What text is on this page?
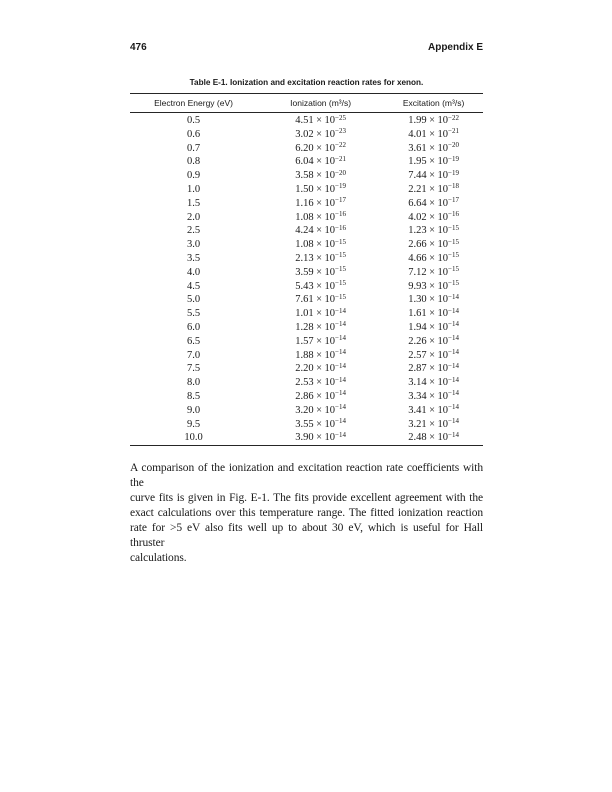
476	Appendix E
Table E-1. Ionization and excitation reaction rates for xenon.
Electron Energy (eV)	Ionization (m³/s)	Excitation (m³/s)
0.5	$4.51 \times 10^{-25}$	$1.99 \times 10^{-22}$
0.6	$3.02 \times 10^{-23}$	$4.01 \times 10^{-21}$
0.7	$6.20 \times 10^{-22}$	$3.61 \times 10^{-20}$
0.8	$6.04 \times 10^{-21}$	$1.95 \times 10^{-19}$
0.9	$3.58 \times 10^{-20}$	$7.44 \times 10^{-19}$
1.0	$1.50 \times 10^{-19}$	$2.21 \times 10^{-18}$
1.5	$1.16 \times 10^{-17}$	$6.64 \times 10^{-17}$
2.0	$1.08 \times 10^{-16}$	$4.02 \times 10^{-16}$
2.5	$4.24 \times 10^{-16}$	$1.23 \times 10^{-15}$
3.0	$1.08 \times 10^{-15}$	$2.66 \times 10^{-15}$
3.5	$2.13 \times 10^{-15}$	$4.66 \times 10^{-15}$
4.0	$3.59 \times 10^{-15}$	$7.12 \times 10^{-15}$
4.5	$5.43 \times 10^{-15}$	$9.93 \times 10^{-15}$
5.0	$7.61 \times 10^{-15}$	$1.30 \times 10^{-14}$
5.5	$1.01 \times 10^{-14}$	$1.61 \times 10^{-14}$
6.0	$1.28 \times 10^{-14}$	$1.94 \times 10^{-14}$
6.5	$1.57 \times 10^{-14}$	$2.26 \times 10^{-14}$
7.0	$1.88 \times 10^{-14}$	$2.57 \times 10^{-14}$
7.5	$2.20 \times 10^{-14}$	$2.87 \times 10^{-14}$
8.0	$2.53 \times 10^{-14}$	$3.14 \times 10^{-14}$
8.5	$2.86 \times 10^{-14}$	$3.34 \times 10^{-14}$
9.0	$3.20 \times 10^{-14}$	$3.41 \times 10^{-14}$
9.5	$3.55 \times 10^{-14}$	$3.21 \times 10^{-14}$
10.0	$3.90 \times 10^{-14}$	$2.48 \times 10^{-14}$
A comparison of the ionization and excitation reaction rate coefficients with the
curve fits is given in Fig. E-1. The fits provide excellent agreement with the
exact calculations over this temperature range. The fitted ionization reaction
rate for >5 eV also fits well up to about 30 eV, which is useful for Hall thruster
calculations.
